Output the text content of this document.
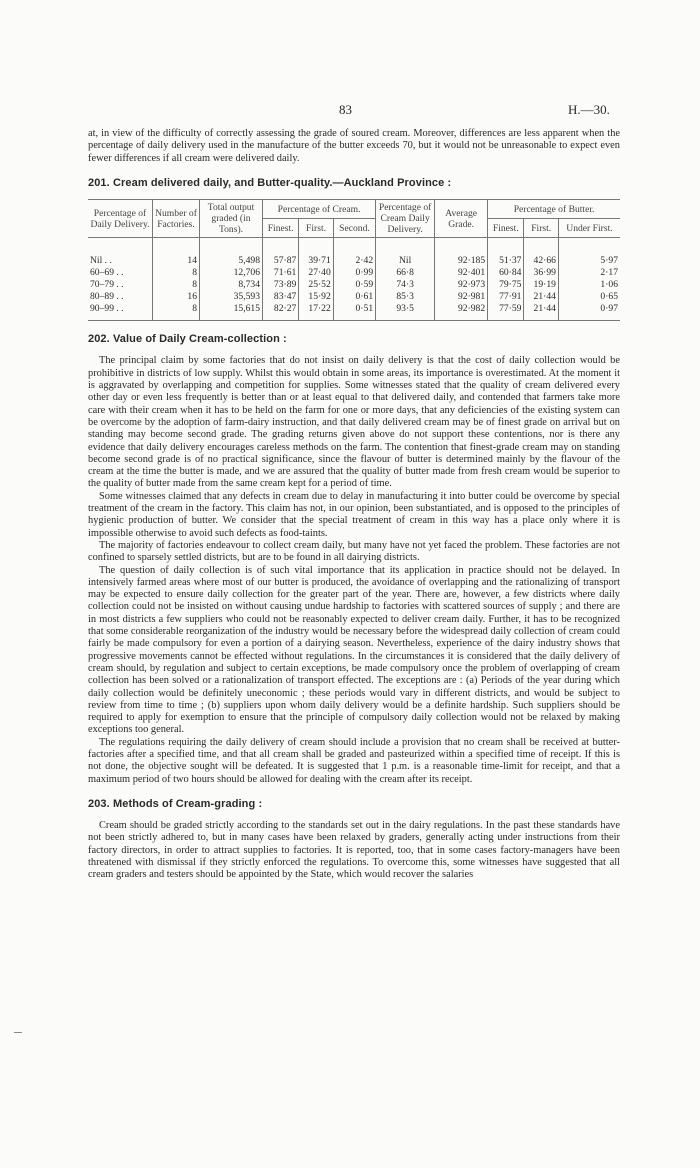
83	H.—30.

at, in view of the difficulty of correctly assessing the grade of soured cream. Moreover, differences are less apparent when the percentage of daily delivery used in the manufacture of the butter exceeds 70, but it would not be unreasonable to expect even fewer differences if all cream were delivered daily.

201. Cream delivered daily, and Butter-quality.—Auckland Province :
Percentage of Daily Delivery.	Number of Factories.	Total output graded (in Tons).	Percentage of Cream.			Percentage of Cream Daily Delivery.	Average Grade.	Percentage of Butter.		
			Finest.	First.	Second.			Finest.	First.	Under First.
Nil . .	14	5,498	57·87	39·71	2·42	Nil	92·185	51·37	42·66	5·97
60–69 . .	8	12,706	71·61	27·40	0·99	66·8	92·401	60·84	36·99	2·17
70–79 . .	8	8,734	73·89	25·52	0·59	74·3	92·973	79·75	19·19	1·06
80–89 . .	16	35,593	83·47	15·92	0·61	85·3	92·981	77·91	21·44	0·65
90–99 . .	8	15,615	82·27	17·22	0·51	93·5	92·982	77·59	21·44	0·97
202. Value of Daily Cream-collection :

The principal claim by some factories that do not insist on daily delivery is that the cost of daily collection would be prohibitive in districts of low supply. Whilst this would obtain in some areas, its importance is overestimated. At the moment it is aggravated by overlapping and competition for supplies. Some witnesses stated that the quality of cream delivered every other day or even less frequently is better than or at least equal to that delivered daily, and contended that farmers take more care with their cream when it has to be held on the farm for one or more days, that any deficiencies of the existing system can be overcome by the adoption of farm-dairy instruction, and that daily delivered cream may be of finest grade on arrival but on standing may become second grade. The grading returns given above do not support these contentions, nor is there any evidence that daily delivery encourages careless methods on the farm. The contention that finest-grade cream may on standing become second grade is of no practical significance, since the flavour of butter is determined mainly by the flavour of the cream at the time the butter is made, and we are assured that the quality of butter made from fresh cream would be superior to the quality of butter made from the same cream kept for a period of time.

Some witnesses claimed that any defects in cream due to delay in manufacturing it into butter could be overcome by special treatment of the cream in the factory. This claim has not, in our opinion, been substantiated, and is opposed to the principles of hygienic production of butter. We consider that the special treatment of cream in this way has a place only where it is impossible otherwise to avoid such defects as food-taints.

The majority of factories endeavour to collect cream daily, but many have not yet faced the problem. These factories are not confined to sparsely settled districts, but are to be found in all dairying districts.

The question of daily collection is of such vital importance that its application in practice should not be delayed. In intensively farmed areas where most of our butter is produced, the avoidance of overlapping and the rationalizing of transport may be expected to ensure daily collection for the greater part of the year. There are, however, a few districts where daily collection could not be insisted on without causing undue hardship to factories with scattered sources of supply ; and there are in most districts a few suppliers who could not be reasonably expected to deliver cream daily. Further, it has to be recognized that some considerable reorganization of the industry would be necessary before the widespread daily collection of cream could fairly be made compulsory for even a portion of a dairying season. Nevertheless, experience of the dairy industry shows that progressive movements cannot be effected without regulations. In the circumstances it is considered that the daily delivery of cream should, by regulation and subject to certain exceptions, be made compulsory once the problem of overlapping of cream collection has been solved or a rationalization of transport effected. The exceptions are : (a) Periods of the year during which daily collection would be definitely uneconomic ; these periods would vary in different districts, and would be subject to review from time to time ; (b) suppliers upon whom daily delivery would be a definite hardship. Such suppliers should be required to apply for exemption to ensure that the principle of compulsory daily collection would not be relaxed by making exceptions too general.

The regulations requiring the daily delivery of cream should include a provision that no cream shall be received at butter-factories after a specified time, and that all cream shall be graded and pasteurized within a specified time of receipt. If this is not done, the objective sought will be defeated. It is suggested that 1 p.m. is a reasonable time-limit for receipt, and that a maximum period of two hours should be allowed for dealing with the cream after its receipt.

203. Methods of Cream-grading :

Cream should be graded strictly according to the standards set out in the dairy regulations. In the past these standards have not been strictly adhered to, but in many cases have been relaxed by graders, generally acting under instructions from their factory directors, in order to attract supplies to factories. It is reported, too, that in some cases factory-managers have been threatened with dismissal if they strictly enforced the regulations. To overcome this, some witnesses have suggested that all cream graders and testers should be appointed by the State, which would recover the salaries
